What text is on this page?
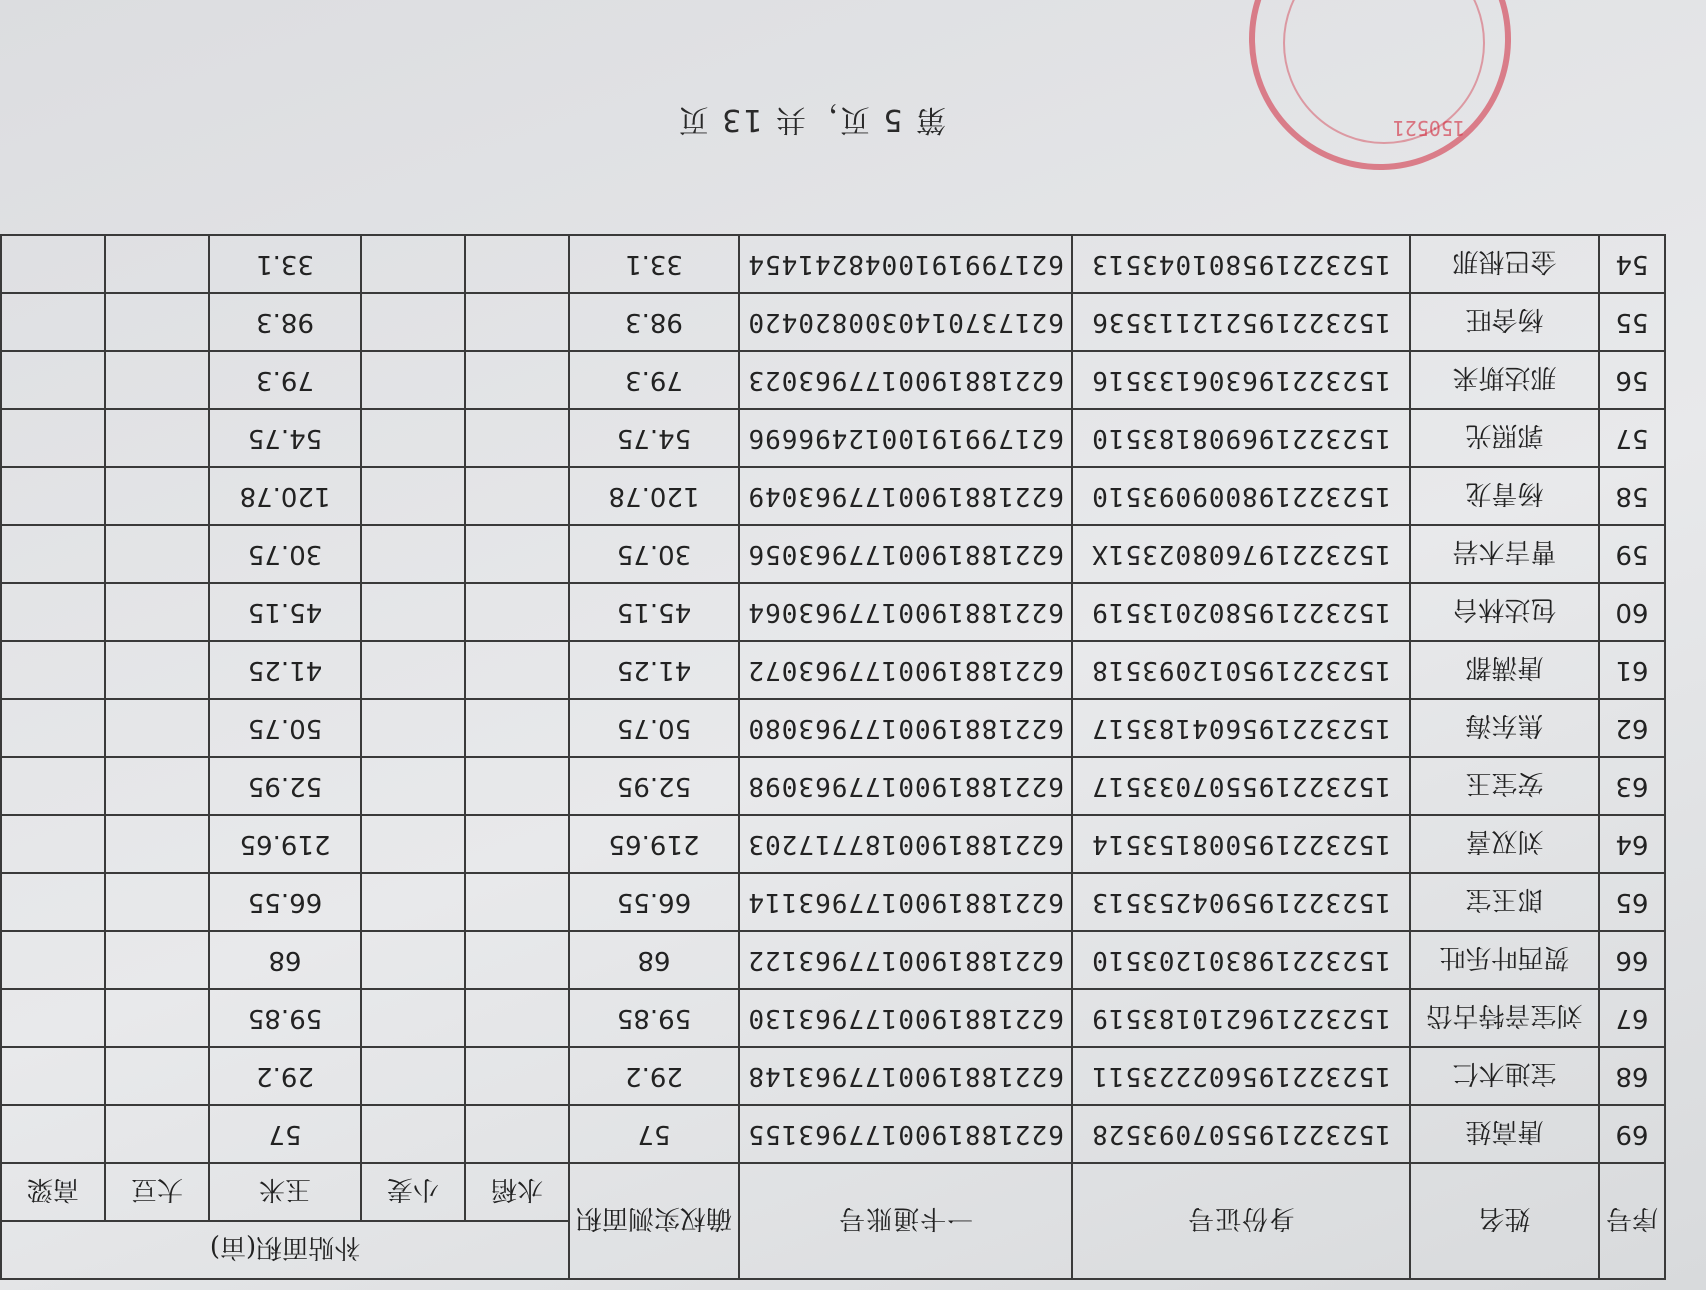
序号	姓名	身份证号	一卡通账号	确权实测面积	补贴面积(亩)				
					水稻	小麦	玉米	大豆	高粱
69	唐高娃	152322195507093528	6221881900177963155	57			57		
68	宝迪木仁	152322195602223511	6221881900177963148	29.2			29.2		
67	刘宝音特古岱	152322196210183519	6221881900177963130	59.85			59.85		
66	贺西叶乐吐	152322198301203510	6221881900177963122	68			68		
65	郎玉宝	152322195904253513	6221881900177963114	66.55			66.55		
64	刘双喜	152322195008153514	6221881900187717203	219.65			219.65		
63	安宝玉	152322195507033517	6221881900177963098	52.95			52.95		
62	焦东海	152322195604183517	6221881900177963080	50.75			50.75		
61	唐满都	152322195012093518	6221881900177963072	41.25			41.25		
60	包达林台	152322195802013519	6221881900177963064	45.15			45.15		
59	曹吉木岩	15232219760802351X	6221881900177963056	30.75			30.75		
58	杨青龙	152322198009093510	6221881900177963049	120.78			120.78		
57	郭照光	152322196908183510	6217991910012496696	54.75			54.75		
56	那达斯来	152322196306133516	6221881900177963023	79.3			79.3		
55	杨舍旺	152322195212113536	6217370140300820420	98.3			98.3		
54	金巴根那	152322195801043513	6217991910048241454	33.1			33.1		
第 5 页，共 13 页	150521
